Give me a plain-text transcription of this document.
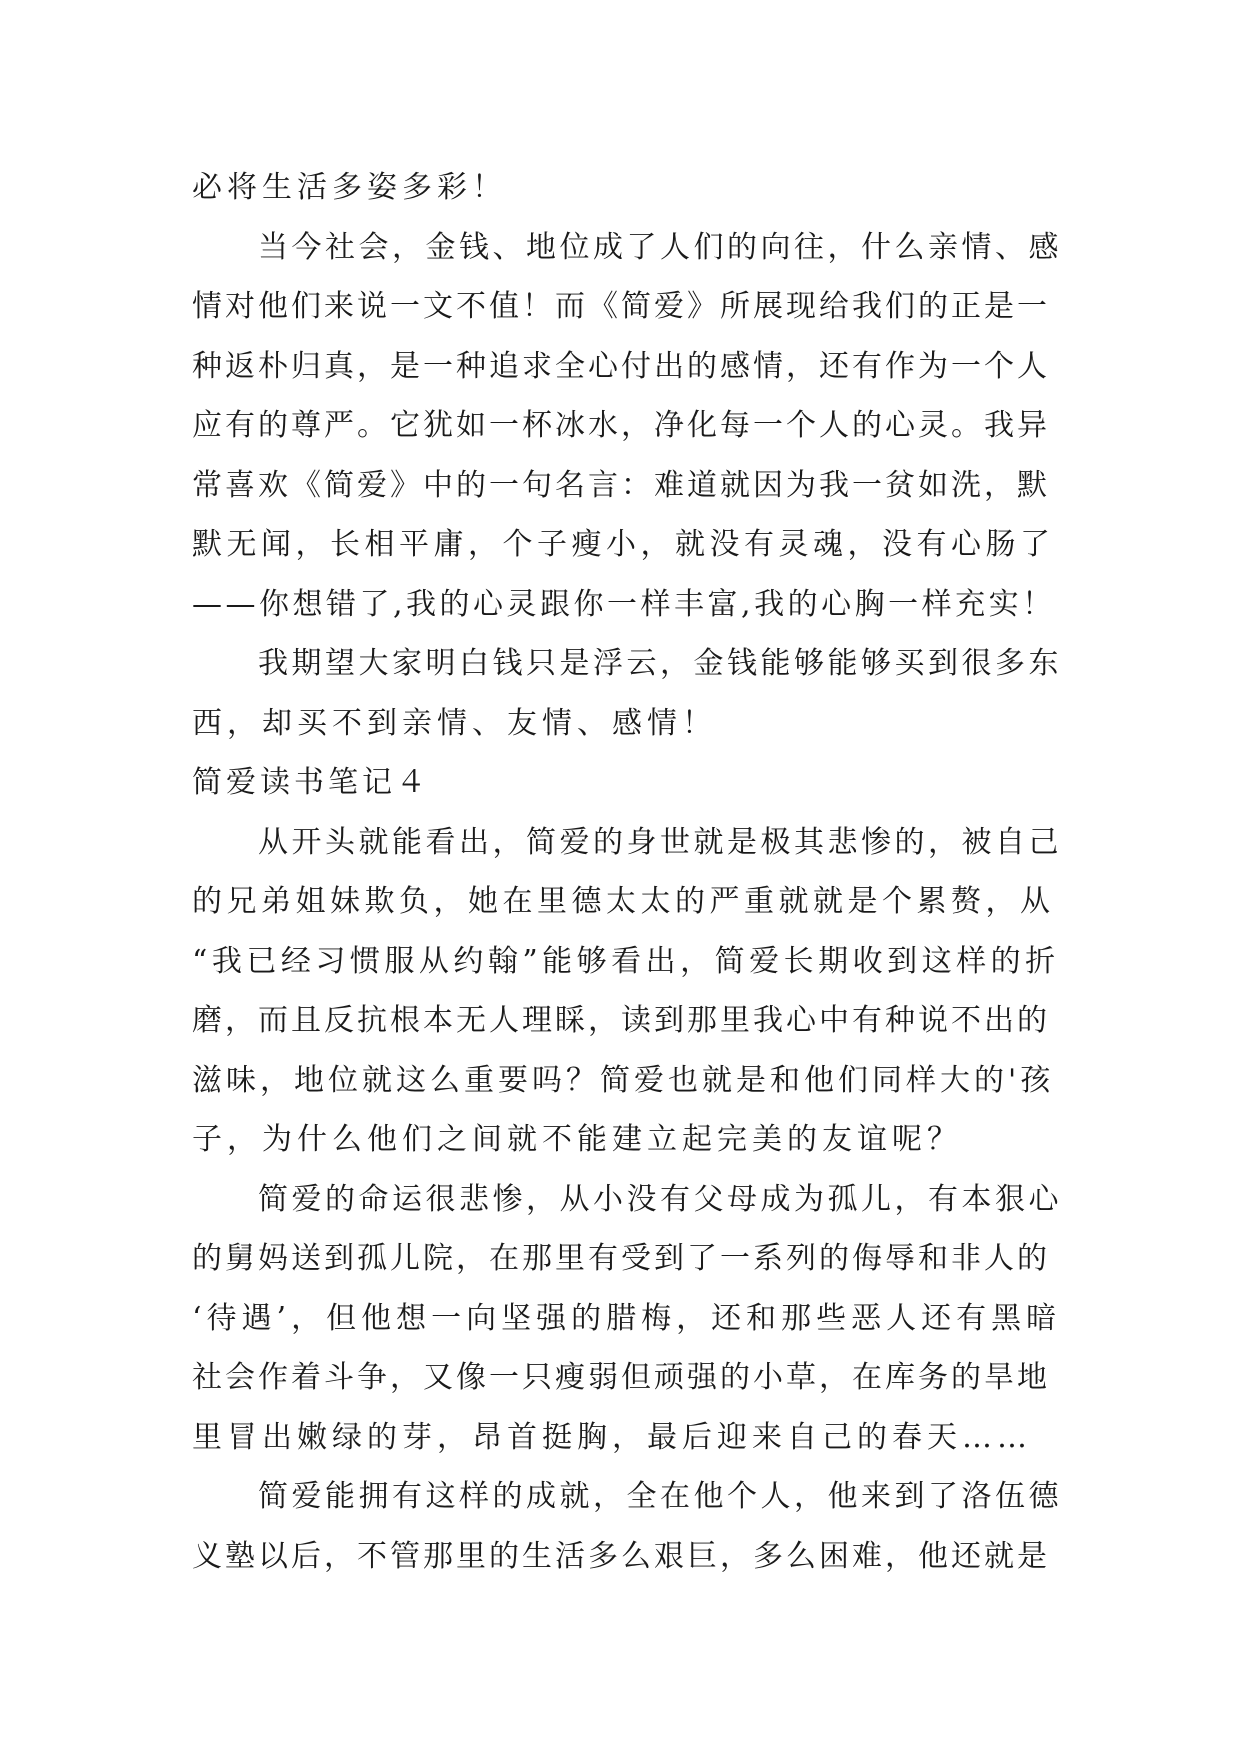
必将生活多姿多彩！
当今社会，金钱、地位成了人们的向往，什么亲情、感
情对他们来说一文不值！而《简爱》所展现给我们的正是一
种返朴归真，是一种追求全心付出的感情，还有作为一个人
应有的尊严。它犹如一杯冰水，净化每一个人的心灵。我异
常喜欢《简爱》中的一句名言：难道就因为我一贫如洗，默
默无闻，长相平庸，个子瘦小，就没有灵魂，没有心肠了
——你想错了,我的心灵跟你一样丰富,我的心胸一样充实！
我期望大家明白钱只是浮云，金钱能够能够买到很多东
西，却买不到亲情、友情、感情！
简爱读书笔记４
从开头就能看出，简爱的身世就是极其悲惨的，被自己
的兄弟姐妹欺负，她在里德太太的严重就就是个累赘，从
“我已经习惯服从约翰”能够看出，简爱长期收到这样的折
磨，而且反抗根本无人理睬，读到那里我心中有种说不出的
滋味，地位就这么重要吗？简爱也就是和他们同样大的'孩
子，为什么他们之间就不能建立起完美的友谊呢？
简爱的命运很悲惨，从小没有父母成为孤儿，有本狠心
的舅妈送到孤儿院，在那里有受到了一系列的侮辱和非人的
‘待遇’，但他想一向坚强的腊梅，还和那些恶人还有黑暗
社会作着斗争，又像一只瘦弱但顽强的小草，在库务的旱地
里冒出嫩绿的芽，昂首挺胸，最后迎来自己的春天……
简爱能拥有这样的成就，全在他个人，他来到了洛伍德
义塾以后，不管那里的生活多么艰巨，多么困难，他还就是
